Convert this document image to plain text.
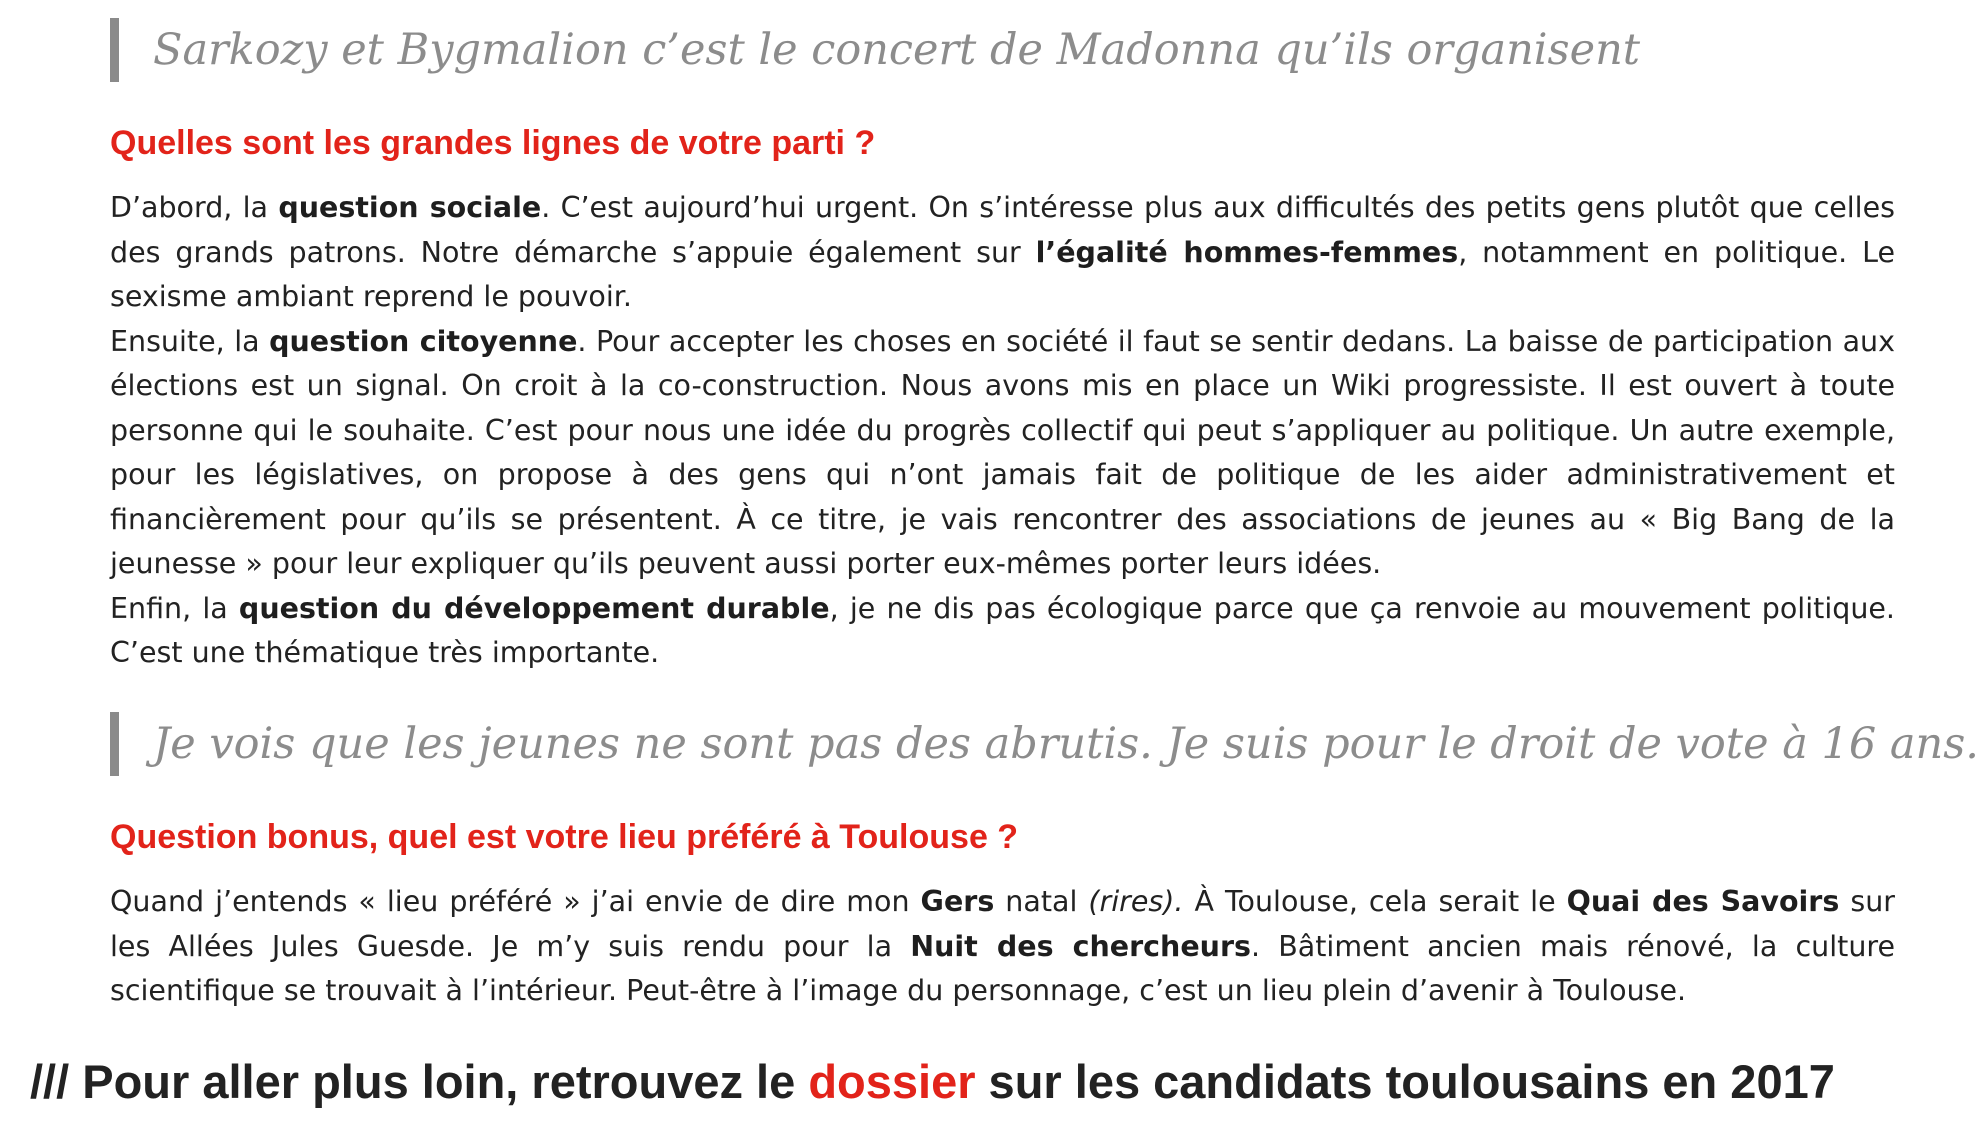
Sarkozy et Bygmalion c’est le concert de Madonna qu’ils organisent
Quelles sont les grandes lignes de votre parti ?
D’abord, la question sociale. C’est aujourd’hui urgent. On s’intéresse plus aux difficultés des petits gens plutôt que celles des grands patrons. Notre démarche s’appuie également sur l’égalité hommes-femmes, notamment en politique. Le sexisme ambiant reprend le pouvoir.
Ensuite, la question citoyenne. Pour accepter les choses en société il faut se sentir dedans. La baisse de participation aux élections est un signal. On croit à la co-construction. Nous avons mis en place un Wiki progressiste. Il est ouvert à toute personne qui le souhaite. C’est pour nous une idée du progrès collectif qui peut s’appliquer au politique. Un autre exemple, pour les législatives, on propose à des gens qui n’ont jamais fait de politique de les aider administrativement et financièrement pour qu’ils se présentent. À ce titre, je vais rencontrer des associations de jeunes au « Big Bang de la jeunesse » pour leur expliquer qu’ils peuvent aussi porter eux-mêmes porter leurs idées.
Enfin, la question du développement durable, je ne dis pas écologique parce que ça renvoie au mouvement politique. C’est une thématique très importante.
Je vois que les jeunes ne sont pas des abrutis. Je suis pour le droit de vote à 16 ans.
Question bonus, quel est votre lieu préféré à Toulouse ?
Quand j’entends « lieu préféré » j’ai envie de dire mon Gers natal (rires). À Toulouse, cela serait le Quai des Savoirs sur les Allées Jules Guesde. Je m’y suis rendu pour la Nuit des chercheurs. Bâtiment ancien mais rénové, la culture scientifique se trouvait à l’intérieur. Peut-être à l’image du personnage, c’est un lieu plein d’avenir à Toulouse.
/// Pour aller plus loin, retrouvez le dossier sur les candidats toulousains en 2017
